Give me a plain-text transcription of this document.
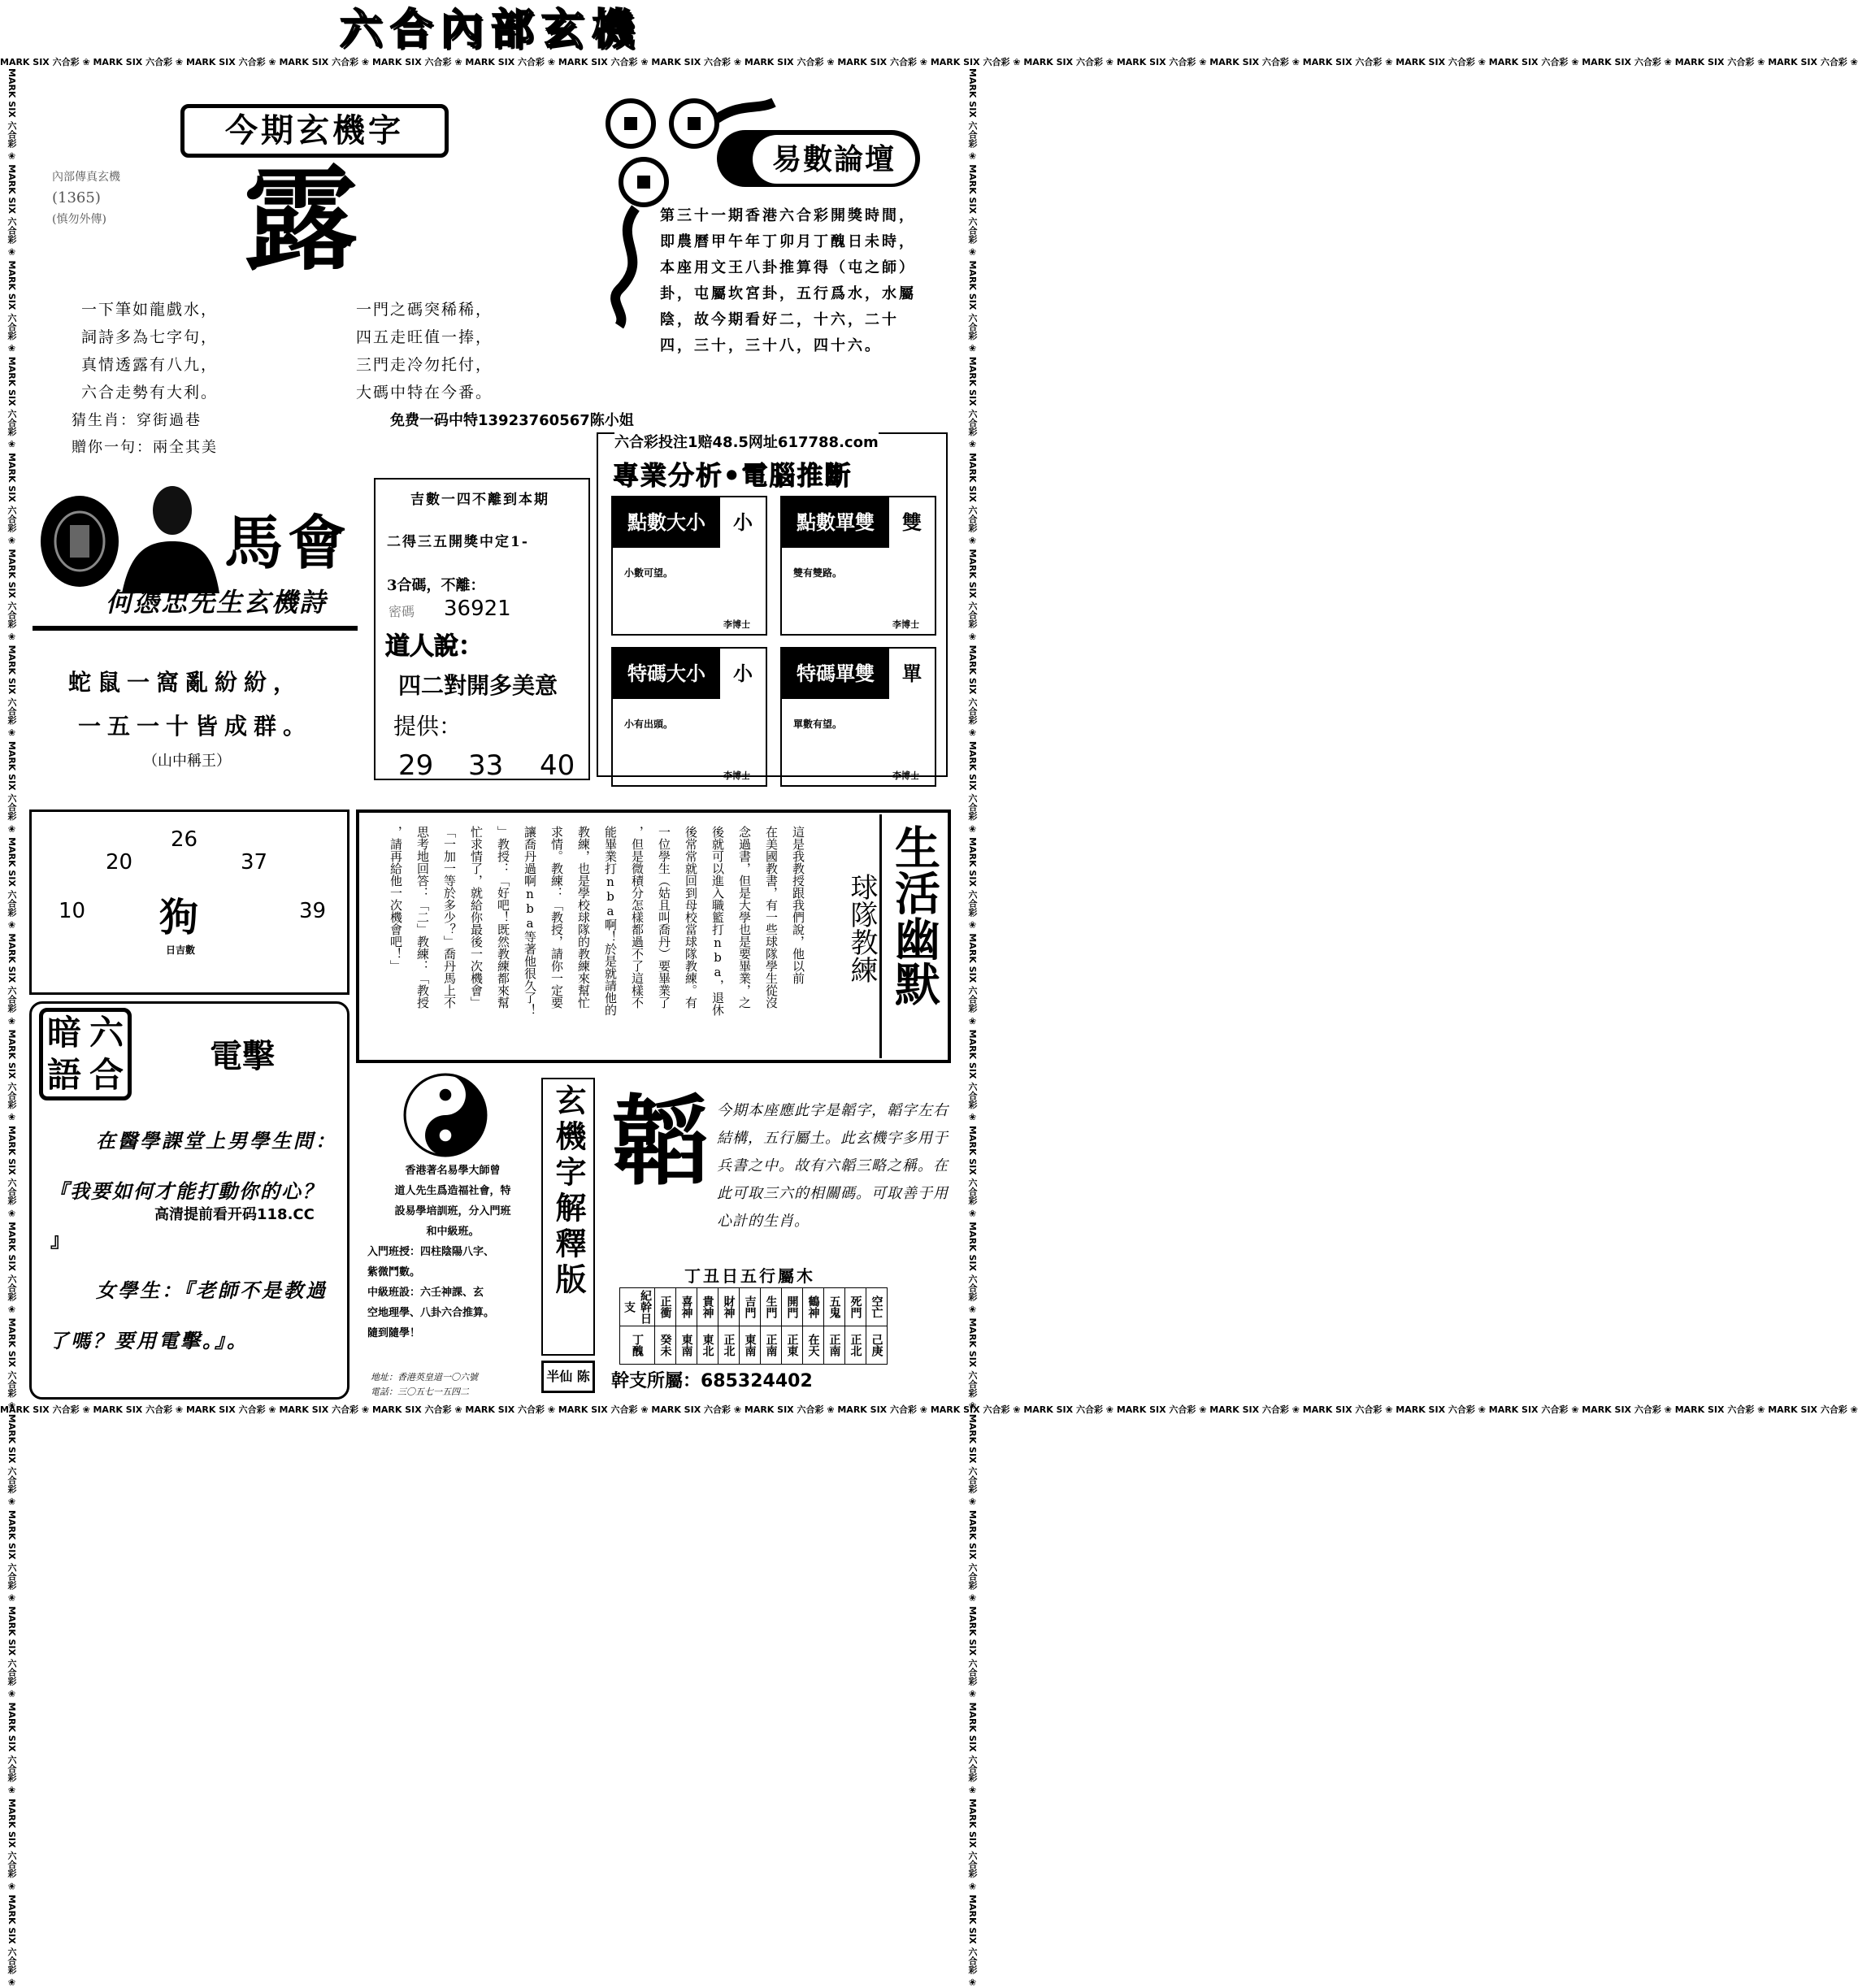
MARK SIX 六合彩 ❀ MARK SIX 六合彩 ❀ MARK SIX 六合彩 ❀ MARK SIX 六合彩 ❀ MARK SIX 六合彩 ❀ MARK SIX 六合彩 ❀ MARK SIX 六合彩 ❀ MARK SIX 六合彩 ❀ MARK SIX 六合彩 ❀ MARK SIX 六合彩 ❀ MARK SIX 六合彩 ❀ MARK SIX 六合彩 ❀ MARK SIX 六合彩 ❀ MARK SIX 六合彩 ❀ MARK SIX 六合彩 ❀ MARK SIX 六合彩 ❀ MARK SIX 六合彩 ❀ MARK SIX 六合彩 ❀ MARK SIX 六合彩 ❀ MARK SIX 六合彩 ❀
MARK SIX 六合彩 ❀ MARK SIX 六合彩 ❀ MARK SIX 六合彩 ❀ MARK SIX 六合彩 ❀ MARK SIX 六合彩 ❀ MARK SIX 六合彩 ❀ MARK SIX 六合彩 ❀ MARK SIX 六合彩 ❀ MARK SIX 六合彩 ❀ MARK SIX 六合彩 ❀ MARK SIX 六合彩 ❀ MARK SIX 六合彩 ❀ MARK SIX 六合彩 ❀ MARK SIX 六合彩 ❀ MARK SIX 六合彩 ❀ MARK SIX 六合彩 ❀ MARK SIX 六合彩 ❀ MARK SIX 六合彩 ❀ MARK SIX 六合彩 ❀ MARK SIX 六合彩 ❀
MARK SIX 六合彩 ❀ MARK SIX 六合彩 ❀ MARK SIX 六合彩 ❀ MARK SIX 六合彩 ❀ MARK SIX 六合彩 ❀ MARK SIX 六合彩 ❀ MARK SIX 六合彩 ❀ MARK SIX 六合彩 ❀ MARK SIX 六合彩 ❀ MARK SIX 六合彩 ❀ MARK SIX 六合彩 ❀ MARK SIX 六合彩 ❀ MARK SIX 六合彩 ❀ MARK SIX 六合彩 ❀ MARK SIX 六合彩 ❀ MARK SIX 六合彩 ❀ MARK SIX 六合彩 ❀ MARK SIX 六合彩 ❀ MARK SIX 六合彩 ❀ MARK SIX 六合彩 ❀	MARK SIX 六合彩 ❀ MARK SIX 六合彩 ❀ MARK SIX 六合彩 ❀ MARK SIX 六合彩 ❀ MARK SIX 六合彩 ❀ MARK SIX 六合彩 ❀ MARK SIX 六合彩 ❀ MARK SIX 六合彩 ❀ MARK SIX 六合彩 ❀ MARK SIX 六合彩 ❀ MARK SIX 六合彩 ❀ MARK SIX 六合彩 ❀ MARK SIX 六合彩 ❀ MARK SIX 六合彩 ❀ MARK SIX 六合彩 ❀ MARK SIX 六合彩 ❀ MARK SIX 六合彩 ❀ MARK SIX 六合彩 ❀ MARK SIX 六合彩 ❀ MARK SIX 六合彩 ❀
六合內部玄機
今期玄機字
內部傳真玄機
(1365)
(慎勿外傳)	露
一下筆如龍戲水，
詞詩多為七字句，
真情透露有八九，
六合走勢有大利。
一門之碼突稀稀，
四五走旺值一捧，
三門走冷勿托付，
大碼中特在今番。
猜生肖：穿街過巷
贈你一句：兩全其美
免费一码中特13923760567陈小姐
易數論壇
第三十一期香港六合彩開獎時間，即農曆甲午年丁卯月丁醜日未時，本座用文王八卦推算得（屯之師）卦，屯屬坎宮卦，五行爲水，水屬陰，故今期看好二，十六，二十四，三十，三十八，四十六。
六合彩投注1赔48.5网址617788.com
專業分析•電腦推斷
點數大小	小
小數可望。
李博士
點數單雙	雙
雙有雙路。
李博士
特碼大小	小
小有出頭。
李博士
特碼單雙	單
單數有望。
李博士
吉數一四不離到本期
二得三五開獎中定1-
3合碼，不離：
密碼 36921
道人說：
四二對開多美意
提供：
29 33 40
馬會
何憑忠先生玄機詩
蛇鼠一窩亂紛紛，
一五一十皆成群。
（山中稱王）
26
20	37
10	39
狗
日吉數	生活幽默
球隊教練
這是我教授跟我們說，他以前
在美國教書，有一些球隊學生從沒
念過書，但是大學也是要畢業，之
後就可以進入職籃打nba，退休
後常常就回到母校當球隊教練。有
一位學生（姑且叫喬丹）要畢業了
，但是微積分怎樣都過不了這樣不
能畢業打nba啊！於是就請他的
教練，也是學校球隊的教練來幫忙
求情。教練：「教授，請你一定要
讓喬丹過啊nba等著他很久了！
」教授：「好吧！既然教練都來幫
忙求情了，就給你最後一次機會」
「一加一等於多少？」喬丹馬上不
思考地回答：「二」教練：「教授
，請再給他一次機會吧！」
暗 六
語 合	電擊
在醫學課堂上男學生問：
『我要如何才能打動你的心？
高清提前看开码118.CC
』
女學生：『老師不是教過
了嗎？要用電擊。』。
香港著名易學大師曾
道人先生爲造福社會，特
設易學培訓班，分入門班
和中級班。
入門班授：四柱陰陽八字、
紫微鬥數。
中級班設：六壬神課、玄
空地理學、八卦六合推算。
隨到隨學！
地址：香港英皇道一〇六號
電話：三〇五七一五四二
玄機字解釋版
半仙 陈
韜 今期本座應此字是韜字，韜字左右結構，五行屬土。此玄機字多用于兵書之中。故有六韜三略之稱。在此可取三六的相關碼。可取善于用心計的生肖。
丁丑日五行屬木
紀幹日支	正衝	喜神	貴神	財神	吉門	生門	開門	鶴神	五鬼	死門	空亡
丁醜	癸未	東南	東北	正北	東南	正南	正東	在天	正南	正北	己庚
幹支所屬：685324402
